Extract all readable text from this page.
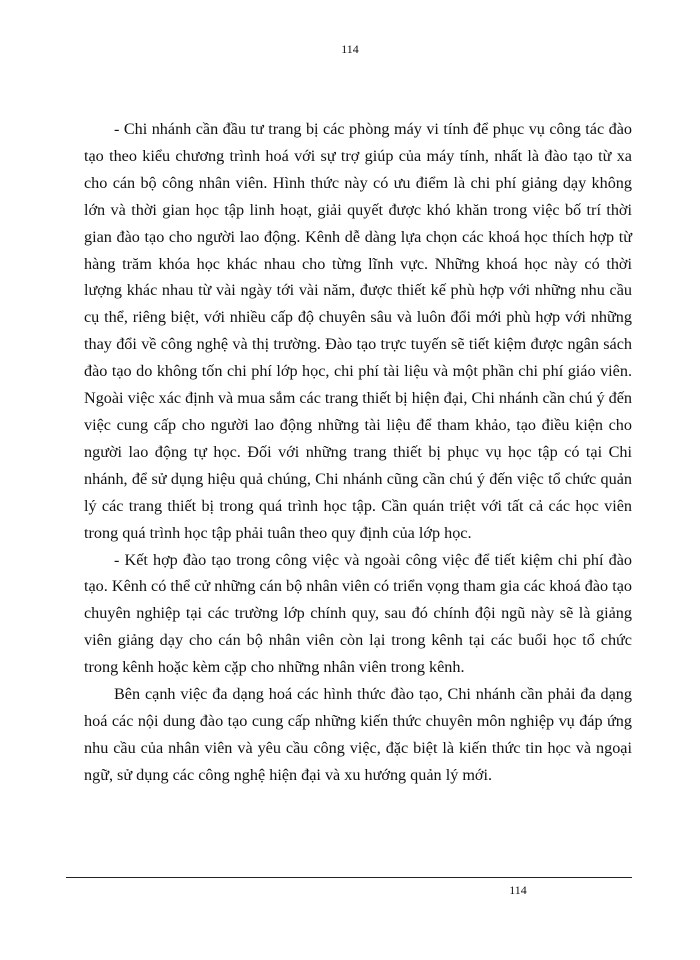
114

- Chi nhánh cần đầu tư trang bị các phòng máy vi tính để phục vụ công tác đào tạo theo kiểu chương trình hoá với sự trợ giúp của máy tính, nhất là đào tạo từ xa cho cán bộ công nhân viên. Hình thức này có ưu điểm là chi phí giảng dạy không lớn và thời gian học tập linh hoạt, giải quyết được khó khăn trong việc bố trí thời gian đào tạo cho người lao động. Kênh dễ dàng lựa chọn các khoá học thích hợp từ hàng trăm khóa học khác nhau cho từng lĩnh vực. Những khoá học này có thời lượng khác nhau từ vài ngày tới vài năm, được thiết kế phù hợp với những nhu cầu cụ thể, riêng biệt, với nhiều cấp độ chuyên sâu và luôn đổi mới phù hợp với những thay đổi về công nghệ và thị trường. Đào tạo trực tuyến sẽ tiết kiệm được ngân sách đào tạo do không tốn chi phí lớp học, chi phí tài liệu và một phần chi phí giáo viên. Ngoài việc xác định và mua sắm các trang thiết bị hiện đại, Chi nhánh cần chú ý đến việc cung cấp cho người lao động những tài liệu để tham khảo, tạo điều kiện cho người lao động tự học. Đối với những trang thiết bị phục vụ học tập có tại Chi nhánh, để sử dụng hiệu quả chúng, Chi nhánh cũng cần chú ý đến việc tổ chức quản lý các trang thiết bị trong quá trình học tập. Cần quán triệt với tất cả các học viên trong quá trình học tập phải tuân theo quy định của lớp học.

- Kết hợp đào tạo trong công việc và ngoài công việc để tiết kiệm chi phí đào tạo. Kênh có thể cử những cán bộ nhân viên có triển vọng tham gia các khoá đào tạo chuyên nghiệp tại các trường lớp chính quy, sau đó chính đội ngũ này sẽ là giảng viên giảng dạy cho cán bộ nhân viên còn lại trong kênh tại các buổi học tổ chức trong kênh hoặc kèm cặp cho những nhân viên trong kênh.

Bên cạnh việc đa dạng hoá các hình thức đào tạo, Chi nhánh cần phải đa dạng hoá các nội dung đào tạo cung cấp những kiến thức chuyên môn nghiệp vụ đáp ứng nhu cầu của nhân viên và yêu cầu công việc, đặc biệt là kiến thức tin học và ngoại ngữ, sử dụng các công nghệ hiện đại và xu hướng quản lý mới.

114
